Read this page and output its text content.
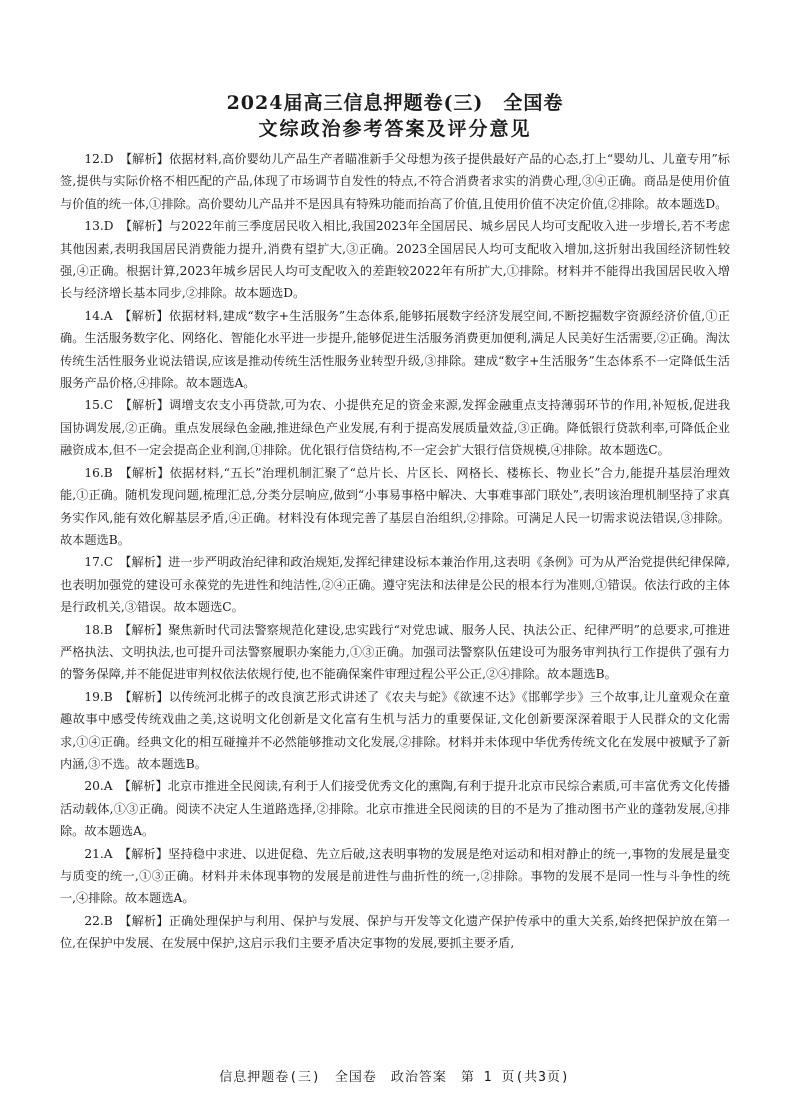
2024届高三信息押题卷(三)　全国卷
文综政治参考答案及评分意见

12.D　【解析】依据材料,高价婴幼儿产品生产者瞄准新手父母想为孩子提供最好产品的心态,打上“婴幼儿、儿童专用”标签,提供与实际价格不相匹配的产品,体现了市场调节自发性的特点,不符合消费者求实的消费心理,③④正确。商品是使用价值与价值的统一体,①排除。高价婴幼儿产品并不是因具有特殊功能而抬高了价值,且使用价值不决定价值,②排除。故本题选D。

13.D　【解析】与2022年前三季度居民收入相比,我国2023年全国居民、城乡居民人均可支配收入进一步增长,若不考虑其他因素,表明我国居民消费能力提升,消费有望扩大,③正确。2023全国居民人均可支配收入增加,这折射出我国经济韧性较强,④正确。根据计算,2023年城乡居民人均可支配收入的差距较2022年有所扩大,①排除。材料并不能得出我国居民收入增长与经济增长基本同步,②排除。故本题选D。

14.A　【解析】依据材料,建成“数字+生活服务”生态体系,能够拓展数字经济发展空间,不断挖掘数字资源经济价值,①正确。生活服务数字化、网络化、智能化水平进一步提升,能够促进生活服务消费更加便利,满足人民美好生活需要,②正确。淘汰传统生活性服务业说法错误,应该是推动传统生活性服务业转型升级,③排除。建成“数字+生活服务”生态体系不一定降低生活服务产品价格,④排除。故本题选A。

15.C　【解析】调增支农支小再贷款,可为农、小提供充足的资金来源,发挥金融重点支持薄弱环节的作用,补短板,促进我国协调发展,②正确。重点发展绿色金融,推进绿色产业发展,有利于提高发展质量效益,③正确。降低银行贷款利率,可降低企业融资成本,但不一定会提高企业利润,①排除。优化银行信贷结构,不一定会扩大银行信贷规模,④排除。故本题选C。

16.B　【解析】依据材料,“五长”治理机制汇聚了“总片长、片区长、网格长、楼栋长、物业长”合力,能提升基层治理效能,①正确。随机发现问题,梳理汇总,分类分层响应,做到“小事易事格中解决、大事难事部门联处”,表明该治理机制坚持了求真务实作风,能有效化解基层矛盾,④正确。材料没有体现完善了基层自治组织,②排除。可满足人民一切需求说法错误,③排除。故本题选B。

17.C　【解析】进一步严明政治纪律和政治规矩,发挥纪律建设标本兼治作用,这表明《条例》可为从严治党提供纪律保障,也表明加强党的建设可永葆党的先进性和纯洁性,②④正确。遵守宪法和法律是公民的根本行为准则,①错误。依法行政的主体是行政机关,③错误。故本题选C。

18.B　【解析】聚焦新时代司法警察规范化建设,忠实践行“对党忠诚、服务人民、执法公正、纪律严明”的总要求,可推进严格执法、文明执法,也可提升司法警察履职办案能力,①③正确。加强司法警察队伍建设可为服务审判执行工作提供了强有力的警务保障,并不能促进审判权依法依规行使,也不能确保案件审理过程公平公正,②④排除。故本题选B。

19.B　【解析】以传统河北梆子的改良演艺形式讲述了《农夫与蛇》《欲速不达》《邯郸学步》三个故事,让儿童观众在童趣故事中感受传统戏曲之美,这说明文化创新是文化富有生机与活力的重要保证,文化创新要深深着眼于人民群众的文化需求,①④正确。经典文化的相互碰撞并不必然能够推动文化发展,②排除。材料并未体现中华优秀传统文化在发展中被赋予了新内涵,③不选。故本题选B。

20.A　【解析】北京市推进全民阅读,有利于人们接受优秀文化的熏陶,有利于提升北京市民综合素质,可丰富优秀文化传播活动载体,①③正确。阅读不决定人生道路选择,②排除。北京市推进全民阅读的目的不是为了推动图书产业的蓬勃发展,④排除。故本题选A。

21.A　【解析】坚持稳中求进、以进促稳、先立后破,这表明事物的发展是绝对运动和相对静止的统一,事物的发展是量变与质变的统一,①③正确。材料并未体现事物的发展是前进性与曲折性的统一,②排除。事物的发展不是同一性与斗争性的统一,④排除。故本题选A。

22.B　【解析】正确处理保护与利用、保护与发展、保护与开发等文化遗产保护传承中的重大关系,始终把保护放在第一位,在保护中发展、在发展中保护,这启示我们主要矛盾决定事物的发展,要抓主要矛盾,

信息押题卷(三)　全国卷　政治答案　第 1 页(共3页)
